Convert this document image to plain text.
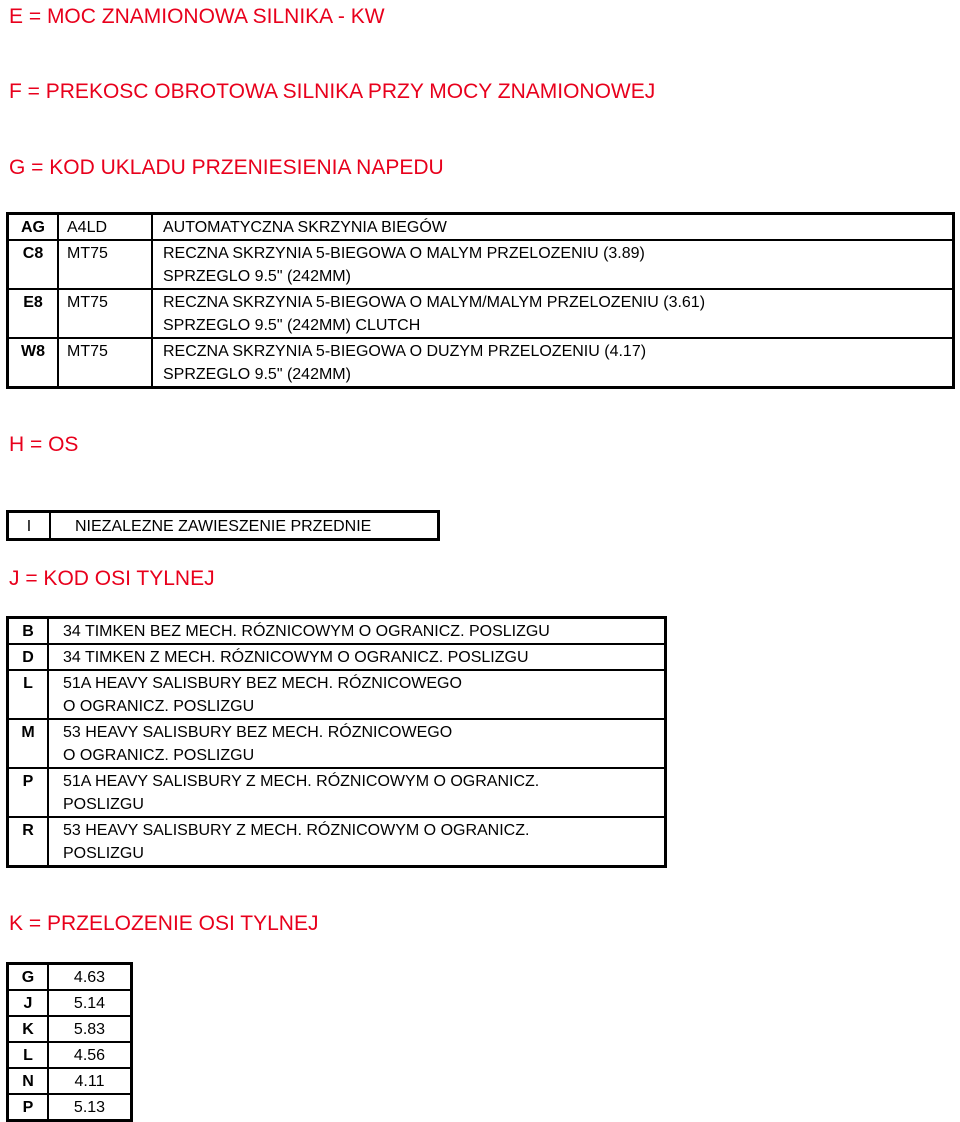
E = MOC ZNAMIONOWA SILNIKA - KW
F = PREKOSC OBROTOWA SILNIKA PRZY MOCY ZNAMIONOWEJ
G = KOD UKLADU PRZENIESIENIA NAPEDU
AG	A4LD	AUTOMATYCZNA SKRZYNIA BIEGÓW

C8	MT75	RECZNA SKRZYNIA 5-BIEGOWA O MALYM PRZELOZENIU (3.89)
SPRZEGLO 9.5" (242MM)

E8	MT75	RECZNA SKRZYNIA 5-BIEGOWA O MALYM/MALYM PRZELOZENIU (3.61)
SPRZEGLO 9.5" (242MM) CLUTCH

W8	MT75	RECZNA SKRZYNIA 5-BIEGOWA O DUZYM PRZELOZENIU (4.17)
SPRZEGLO 9.5" (242MM)
H = OS
I	NIEZALEZNE ZAWIESZENIE PRZEDNIE
J = KOD OSI TYLNEJ
B	34 TIMKEN BEZ MECH. RÓZNICOWYM O OGRANICZ. POSLIZGU

D	34 TIMKEN Z MECH. RÓZNICOWYM O OGRANICZ. POSLIZGU

L	51A HEAVY SALISBURY BEZ MECH. RÓZNICOWEGO
O OGRANICZ. POSLIZGU

M	53 HEAVY SALISBURY BEZ MECH. RÓZNICOWEGO
O OGRANICZ. POSLIZGU

P	51A HEAVY SALISBURY Z MECH. RÓZNICOWYM O OGRANICZ.
POSLIZGU

R	53 HEAVY SALISBURY Z MECH. RÓZNICOWYM O OGRANICZ.
POSLIZGU
K = PRZELOZENIE OSI TYLNEJ
G	4.63
J	5.14
K	5.83
L	4.56
N	4.11
P	5.13
